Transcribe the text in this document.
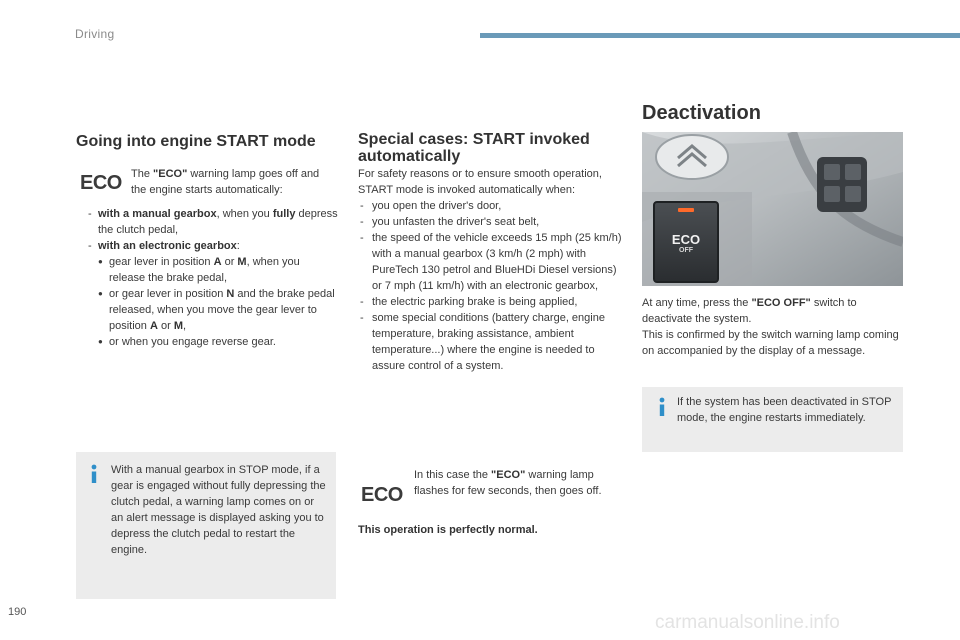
Driving
Going into engine START mode
ECO The "ECO" warning lamp goes off and the engine starts automatically:

- with a manual gearbox, when you fully depress the clutch pedal,
- with an electronic gearbox:
● gear lever in position A or M, when you release the brake pedal,
● or gear lever in position N and the brake pedal released, when you move the gear lever to position A or M,
● or when you engage reverse gear.

With a manual gearbox in STOP mode, if a gear is engaged without fully depressing the clutch pedal, a warning lamp comes on or an alert message is displayed asking you to depress the clutch pedal to restart the engine.

Special cases: START invoked automatically

For safety reasons or to ensure smooth operation, START mode is invoked automatically when:

- you open the driver's door,
- you unfasten the driver's seat belt,
- the speed of the vehicle exceeds 15 mph (25 km/h) with a manual gearbox (3 km/h (2 mph) with PureTech 130 petrol and BlueHDi Diesel versions) or 7 mph (11 km/h) with an electronic gearbox,
- the electric parking brake is being applied,
- some special conditions (battery charge, engine temperature, braking assistance, ambient temperature...) where the engine is needed to assure control of a system.
ECO

In this case the "ECO" warning lamp flashes for few seconds, then goes off.

This operation is perfectly normal.

Deactivation
ECO
OFF

At any time, press the "ECO OFF" switch to deactivate the system.

This is confirmed by the switch warning lamp coming on accompanied by the display of a message.

If the system has been deactivated in STOP mode, the engine restarts immediately.

190	carmanualsonline.info
